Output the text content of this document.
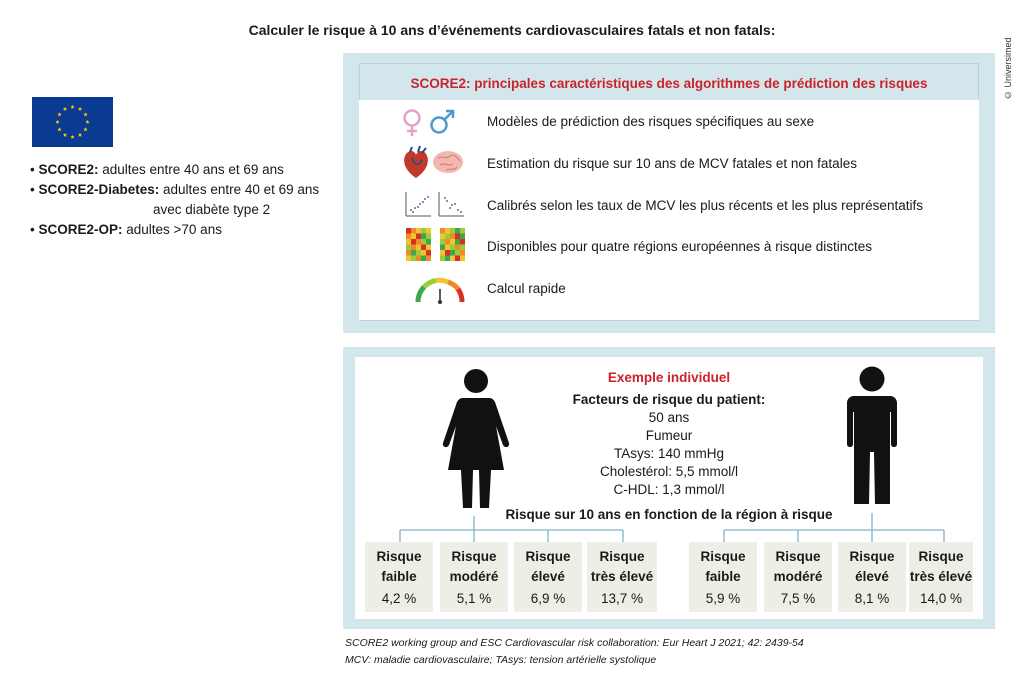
Calculer le risque à 10 ans d’événements cardiovasculaires fatals et non fatals:
© Universimed
• SCORE2: adultes entre 40 ans et 69 ans
• SCORE2-Diabetes: adultes entre 40 et 69 ans
avec diabète type 2
• SCORE2-OP: adultes >70 ans
SCORE2: principales caractéristiques des algorithmes de prédiction des risques
Modèles de prédiction des risques spécifiques au sexe
Estimation du risque sur 10 ans de MCV fatales et non fatales
Calibrés selon les taux de MCV les plus récents et les plus représentatifs
Disponibles pour quatre régions européennes à risque distinctes
Calcul rapide
Exemple individuel
Facteurs de risque du patient:
50 ans
Fumeur
TAsys: 140 mmHg
Cholestérol: 5,5 mmol/l
C-HDL: 1,3 mmol/l
Risque sur 10 ans en fonction de la région à risque
Risque
faible
4,2 %
Risque
modéré
5,1 %
Risque
élevé
6,9 %
Risque
très élevé
13,7 %
Risque
faible
5,9 %
Risque
modéré
7,5 %
Risque
élevé
8,1 %
Risque
très élevé
14,0 %
SCORE2 working group and ESC Cardiovascular risk collaboration: Eur Heart J 2021; 42: 2439-54
MCV: maladie cardiovasculaire; TAsys: tension artérielle systolique
